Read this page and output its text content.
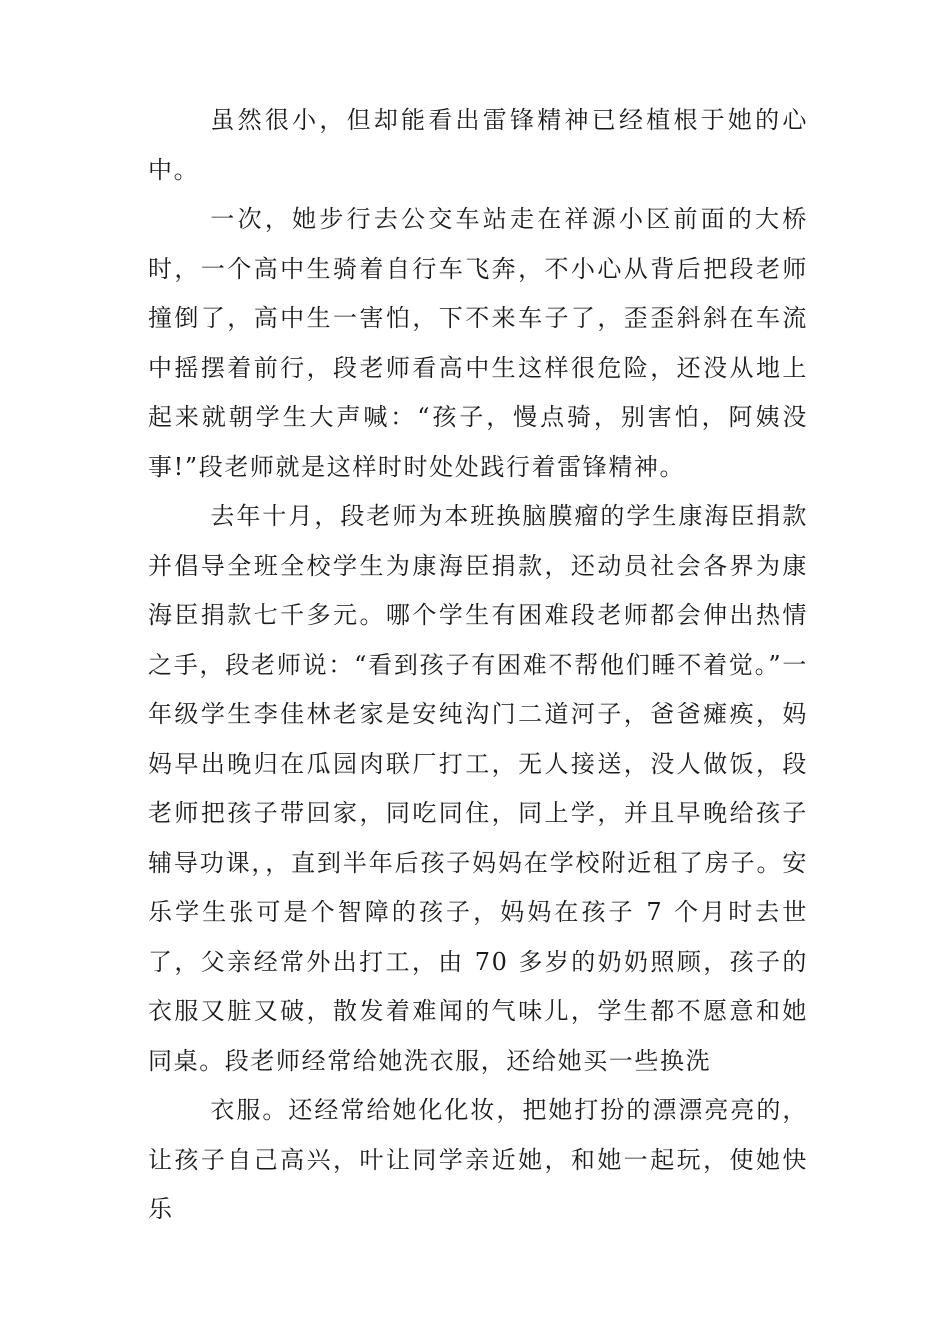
虽然很小，但却能看出雷锋精神已经植根于她的心中。

一次，她步行去公交车站走在祥源小区前面的大桥时，一个高中生骑着自行车飞奔，不小心从背后把段老师撞倒了，高中生一害怕，下不来车子了，歪歪斜斜在车流中摇摆着前行，段老师看高中生这样很危险，还没从地上起来就朝学生大声喊：“孩子，慢点骑，别害怕，阿姨没事!”段老师就是这样时时处处践行着雷锋精神。

去年十月，段老师为本班换脑膜瘤的学生康海臣捐款并倡导全班全校学生为康海臣捐款，还动员社会各界为康海臣捐款七千多元。哪个学生有困难段老师都会伸出热情之手，段老师说：“看到孩子有困难不帮他们睡不着觉。”一年级学生李佳林老家是安纯沟门二道河子，爸爸瘫痪，妈妈早出晚归在瓜园肉联厂打工，无人接送，没人做饭，段老师把孩子带回家，同吃同住，同上学，并且早晚给孩子辅导功课，，直到半年后孩子妈妈在学校附近租了房子。安乐学生张可是个智障的孩子，妈妈在孩子 7 个月时去世了，父亲经常外出打工，由 70 多岁的奶奶照顾，孩子的衣服又脏又破，散发着难闻的气味儿，学生都不愿意和她同桌。段老师经常给她洗衣服，还给她买一些换洗

衣服。还经常给她化化妆，把她打扮的漂漂亮亮的，让孩子自己高兴，叶让同学亲近她，和她一起玩，使她快乐
